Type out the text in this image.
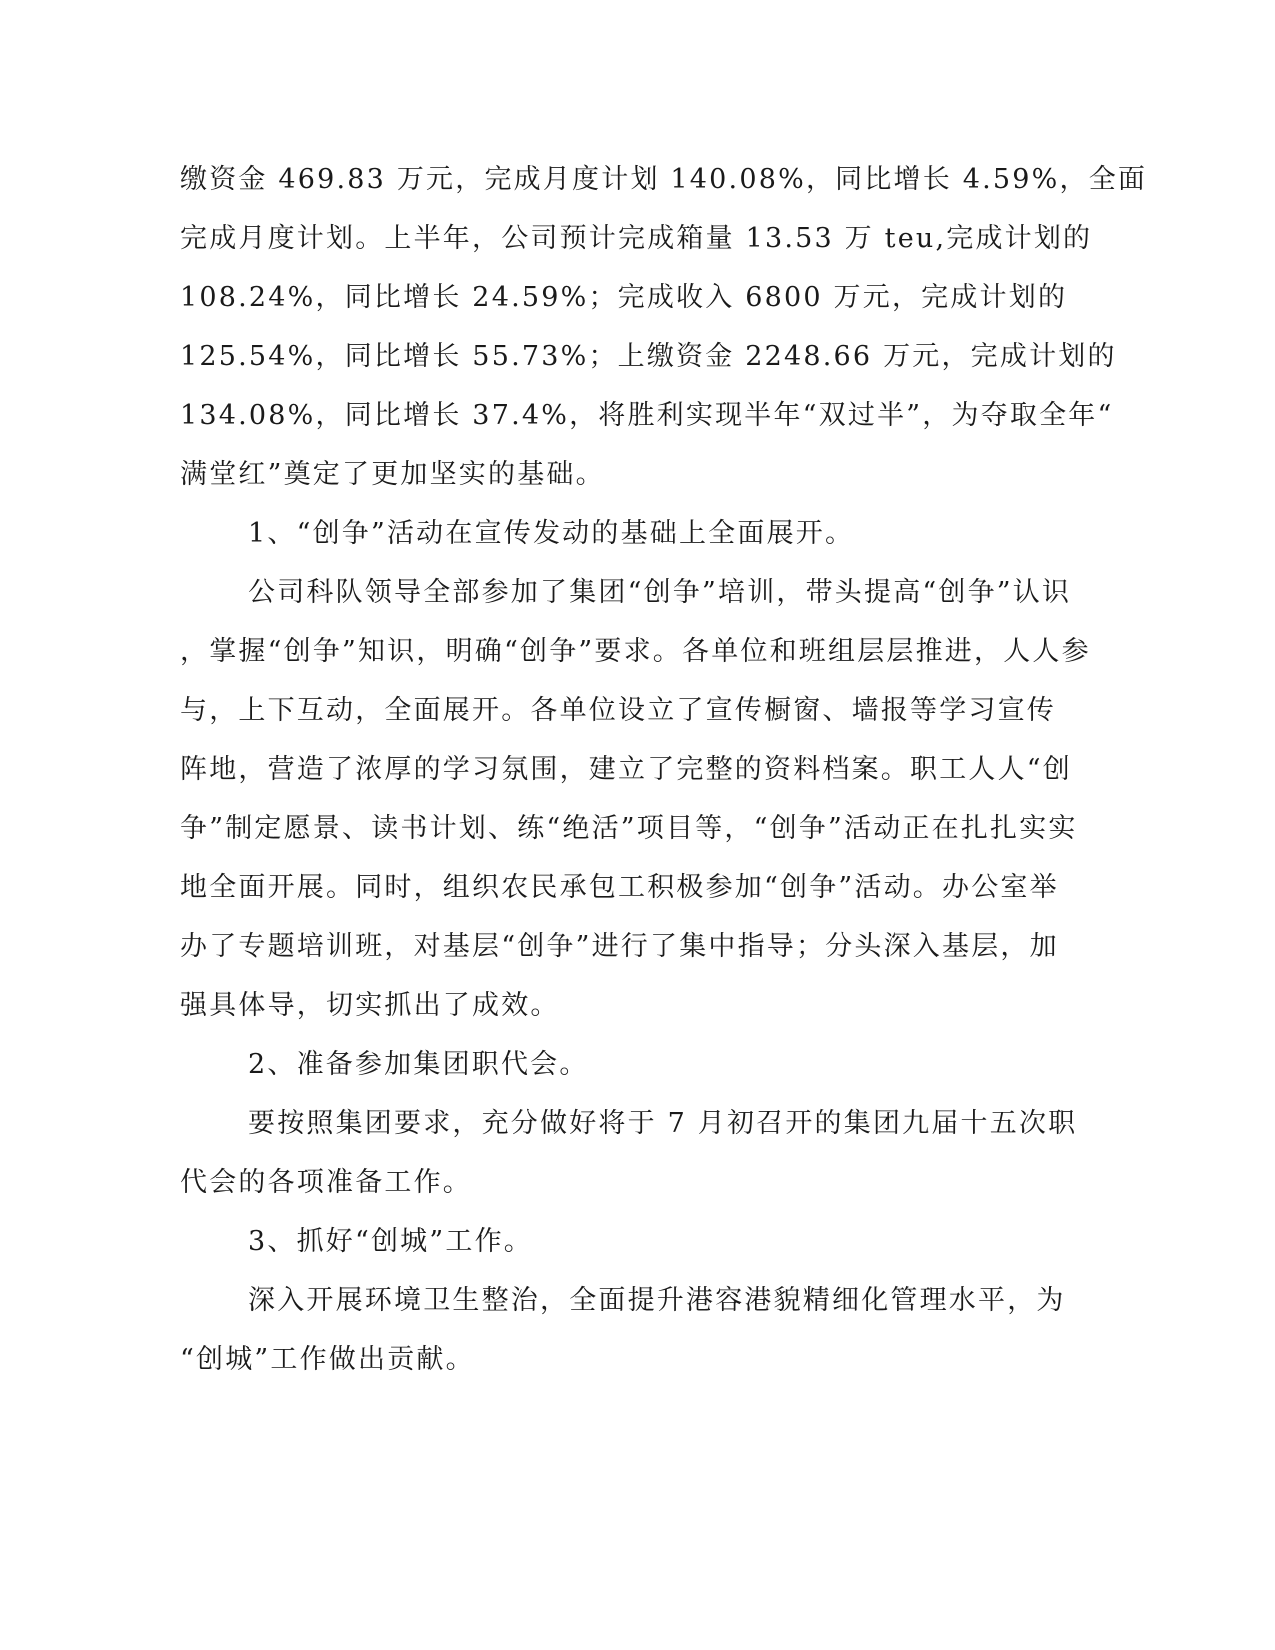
缴资金 469.83 万元，完成月度计划 140.08%，同比增长 4.59%，全面
完成月度计划。上半年，公司预计完成箱量 13.53 万 teu,完成计划的
108.24%，同比增长 24.59%；完成收入 6800 万元，完成计划的
125.54%，同比增长 55.73%；上缴资金 2248.66 万元，完成计划的
134.08%，同比增长 37.4%，将胜利实现半年“双过半”，为夺取全年“
满堂红”奠定了更加坚实的基础。
1、“创争”活动在宣传发动的基础上全面展开。
公司科队领导全部参加了集团“创争”培训，带头提高“创争”认识
，掌握“创争”知识，明确“创争”要求。各单位和班组层层推进，人人参
与，上下互动，全面展开。各单位设立了宣传橱窗、墙报等学习宣传
阵地，营造了浓厚的学习氛围，建立了完整的资料档案。职工人人“创
争”制定愿景、读书计划、练“绝活”项目等，“创争”活动正在扎扎实实
地全面开展。同时，组织农民承包工积极参加“创争”活动。办公室举
办了专题培训班，对基层“创争”进行了集中指导；分头深入基层，加
强具体导，切实抓出了成效。
2、准备参加集团职代会。
要按照集团要求，充分做好将于 7 月初召开的集团九届十五次职
代会的各项准备工作。
3、抓好“创城”工作。
深入开展环境卫生整治，全面提升港容港貌精细化管理水平，为
“创城”工作做出贡献。
